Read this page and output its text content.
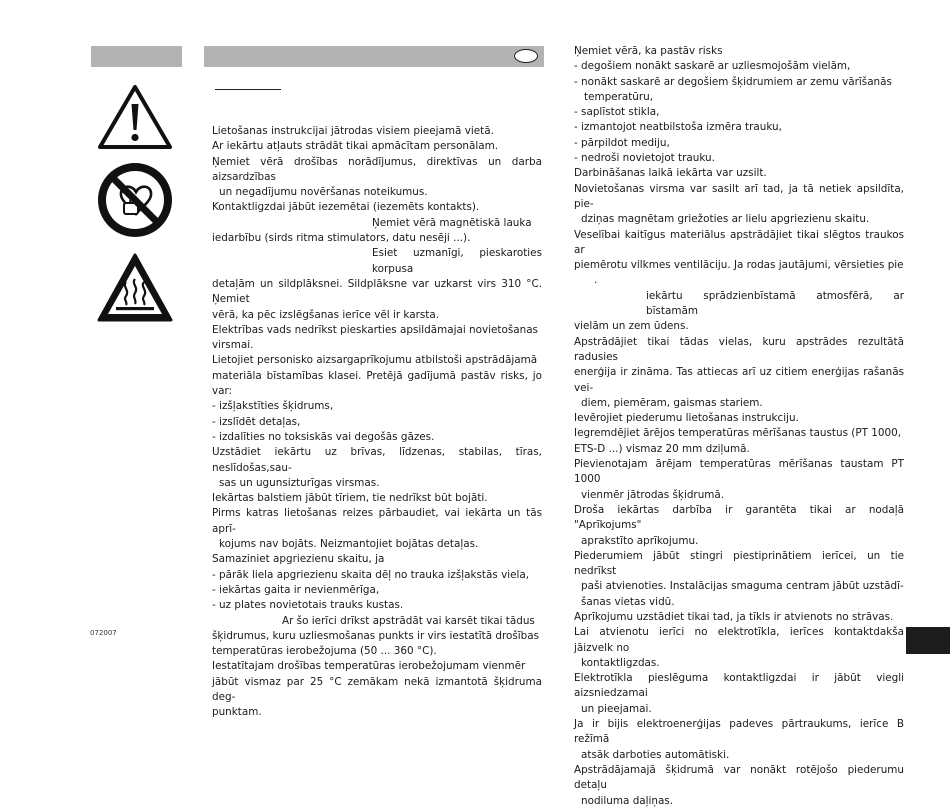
Lietošanas instrukcijai jātrodas visiem pieejamā vietā.

Ar iekārtu atļauts strādāt tikai apmācītam personālam.

Ņemiet vērā drošības norādījumus, direktīvas un darba aizsardzības

un negadījumu novēršanas noteikumus.

Kontaktligzdai jābūt iezemētai (iezemēts kontakts).

Ņemiet vērā magnētiskā lauka

iedarbību (sirds ritma stimulators, datu nesēji ...).

Esiet uzmanīgi, pieskaroties korpusa

detaļām un sildplāksnei. Sildplāksne var uzkarst virs 310 °C. Ņemiet

vērā, ka pēc izslēgšanas ierīce vēl ir karsta.

Elektrības vads nedrīkst pieskarties apsildāmajai novietošanas

virsmai.

Lietojiet personisko aizsargaprīkojumu atbilstoši apstrādājamā

materiāla bīstamības klasei. Pretējā gadījumā pastāv risks, jo var:

- izšļakstīties šķidrums,

- izslīdēt detaļas,

- izdalīties no toksiskās vai degošās gāzes.

Uzstādiet iekārtu uz brīvas, līdzenas, stabilas, tīras, neslīdošas,sau-

sas un ugunsizturīgas virsmas.

Iekārtas balstiem jābūt tīriem, tie nedrīkst būt bojāti.

Pirms katras lietošanas reizes pārbaudiet, vai iekārta un tās aprī-

kojums nav bojāts. Neizmantojiet bojātas detaļas.

Samaziniet apgriezienu skaitu, ja

- pārāk liela apgriezienu skaita dēļ no trauka izšļakstās viela,

- iekārtas gaita ir nevienmērīga,

- uz plates novietotais trauks kustas.

Ar šo ierīci drīkst apstrādāt vai karsēt tikai tādus

šķidrumus, kuru uzliesmošanas punkts ir virs iestatītā drošības

temperatūras ierobežojuma (50 ... 360 °C).

Iestatītajam drošības temperatūras ierobežojumam vienmēr

jābūt vismaz par 25 °C zemākam nekā izmantotā šķidruma deg-

punktam.

Ņemiet vērā, ka pastāv risks

- degošiem nonākt saskarē ar uzliesmojošām vielām,

- nonākt saskarē ar degošiem šķidrumiem ar zemu vārīšanās

temperatūru,

- saplīstot stikla,

- izmantojot neatbilstoša izmēra trauku,

- pārpildot mediju,

- nedroši novietojot trauku.

Darbināšanas laikā iekārta var uzsilt.

Novietošanas virsma var sasilt arī tad, ja tā netiek apsildīta, pie-

dziņas magnētam griežoties ar lielu apgriezienu skaitu.

Veselībai kaitīgus materiālus apstrādājiet tikai slēgtos traukos ar

piemērotu vilkmes ventilāciju. Ja rodas jautājumi, vērsieties pie

.

iekārtu sprādzienbīstamā atmosfērā, ar bīstamām

vielām un zem ūdens.

Apstrādājiet tikai tādas vielas, kuru apstrādes rezultātā radusies

enerģija ir zināma. Tas attiecas arī uz citiem enerģijas rašanās vei-

diem, piemēram, gaismas stariem.

Ievērojiet piederumu lietošanas instrukciju.

Iegremdējiet ārējos temperatūras mērīšanas taustus (PT 1000,

ETS-D ...) vismaz 20 mm dziļumā.

Pievienotajam ārējam temperatūras mērīšanas taustam PT 1000

vienmēr jātrodas šķidrumā.

Droša iekārtas darbība ir garantēta tikai ar nodaļā "Aprīkojums"

aprakstīto aprīkojumu.

Piederumiem jābūt stingri piestiprinātiem ierīcei, un tie nedrīkst

paši atvienoties. Instalācijas smaguma centram jābūt uzstādī-

šanas vietas vidū.

Aprīkojumu uzstādiet tikai tad, ja tīkls ir atvienots no strāvas.

Lai atvienotu ierīci no elektrotīkla, ierīces kontaktdakša jāizvelk no

kontaktligzdas.

Elektrotīkla pieslēguma kontaktligzdai ir jābūt viegli aizsniedzamai

un pieejamai.

Ja ir bijis elektroenerģijas padeves pārtraukums, ierīce B režīmā

atsāk darboties automātiski.

Apstrādājamajā šķidrumā var nonākt rotējošo piederumu detaļu

nodiluma daļiņas.

072007
